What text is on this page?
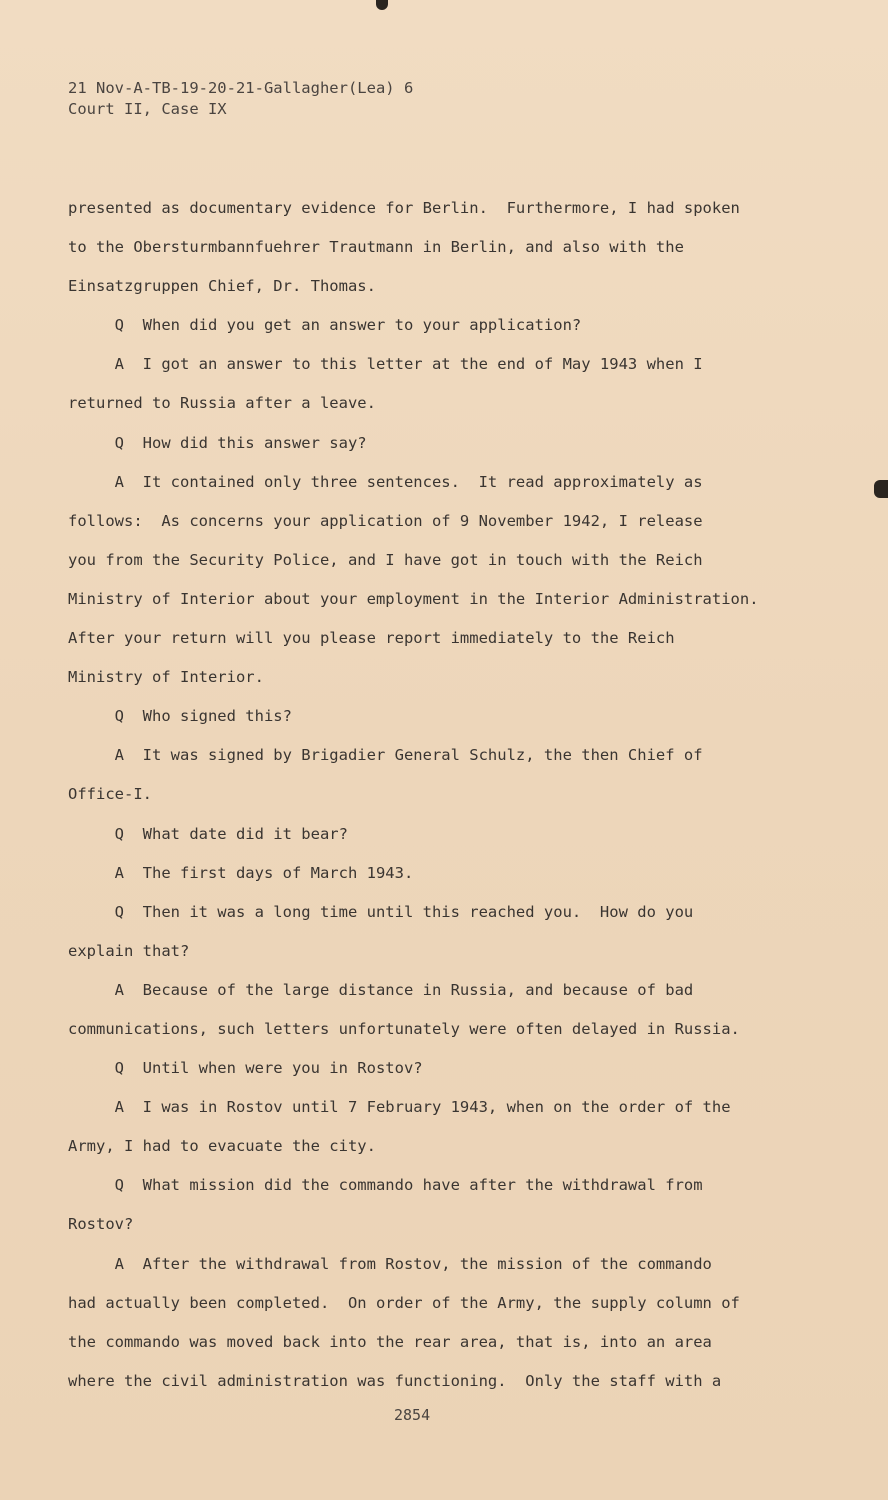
21 Nov-A-TB-19-20-21-Gallagher(Lea) 6
Court II, Case IX
presented as documentary evidence for Berlin.  Furthermore, I had spoken
to the Obersturmbannfuehrer Trautmann in Berlin, and also with the
Einsatzgruppen Chief, Dr. Thomas.
Q  When did you get an answer to your application?
A  I got an answer to this letter at the end of May 1943 when I
returned to Russia after a leave.
Q  How did this answer say?
A  It contained only three sentences.  It read approximately as
follows:  As concerns your application of 9 November 1942, I release
you from the Security Police, and I have got in touch with the Reich
Ministry of Interior about your employment in the Interior Administration.
After your return will you please report immediately to the Reich
Ministry of Interior.
Q  Who signed this?
A  It was signed by Brigadier General Schulz, the then Chief of
Office-I.
Q  What date did it bear?
A  The first days of March 1943.
Q  Then it was a long time until this reached you.  How do you
explain that?
A  Because of the large distance in Russia, and because of bad
communications, such letters unfortunately were often delayed in Russia.
Q  Until when were you in Rostov?
A  I was in Rostov until 7 February 1943, when on the order of the
Army, I had to evacuate the city.
Q  What mission did the commando have after the withdrawal from
Rostov?
A  After the withdrawal from Rostov, the mission of the commando
had actually been completed.  On order of the Army, the supply column of
the commando was moved back into the rear area, that is, into an area
where the civil administration was functioning.  Only the staff with a
2854
